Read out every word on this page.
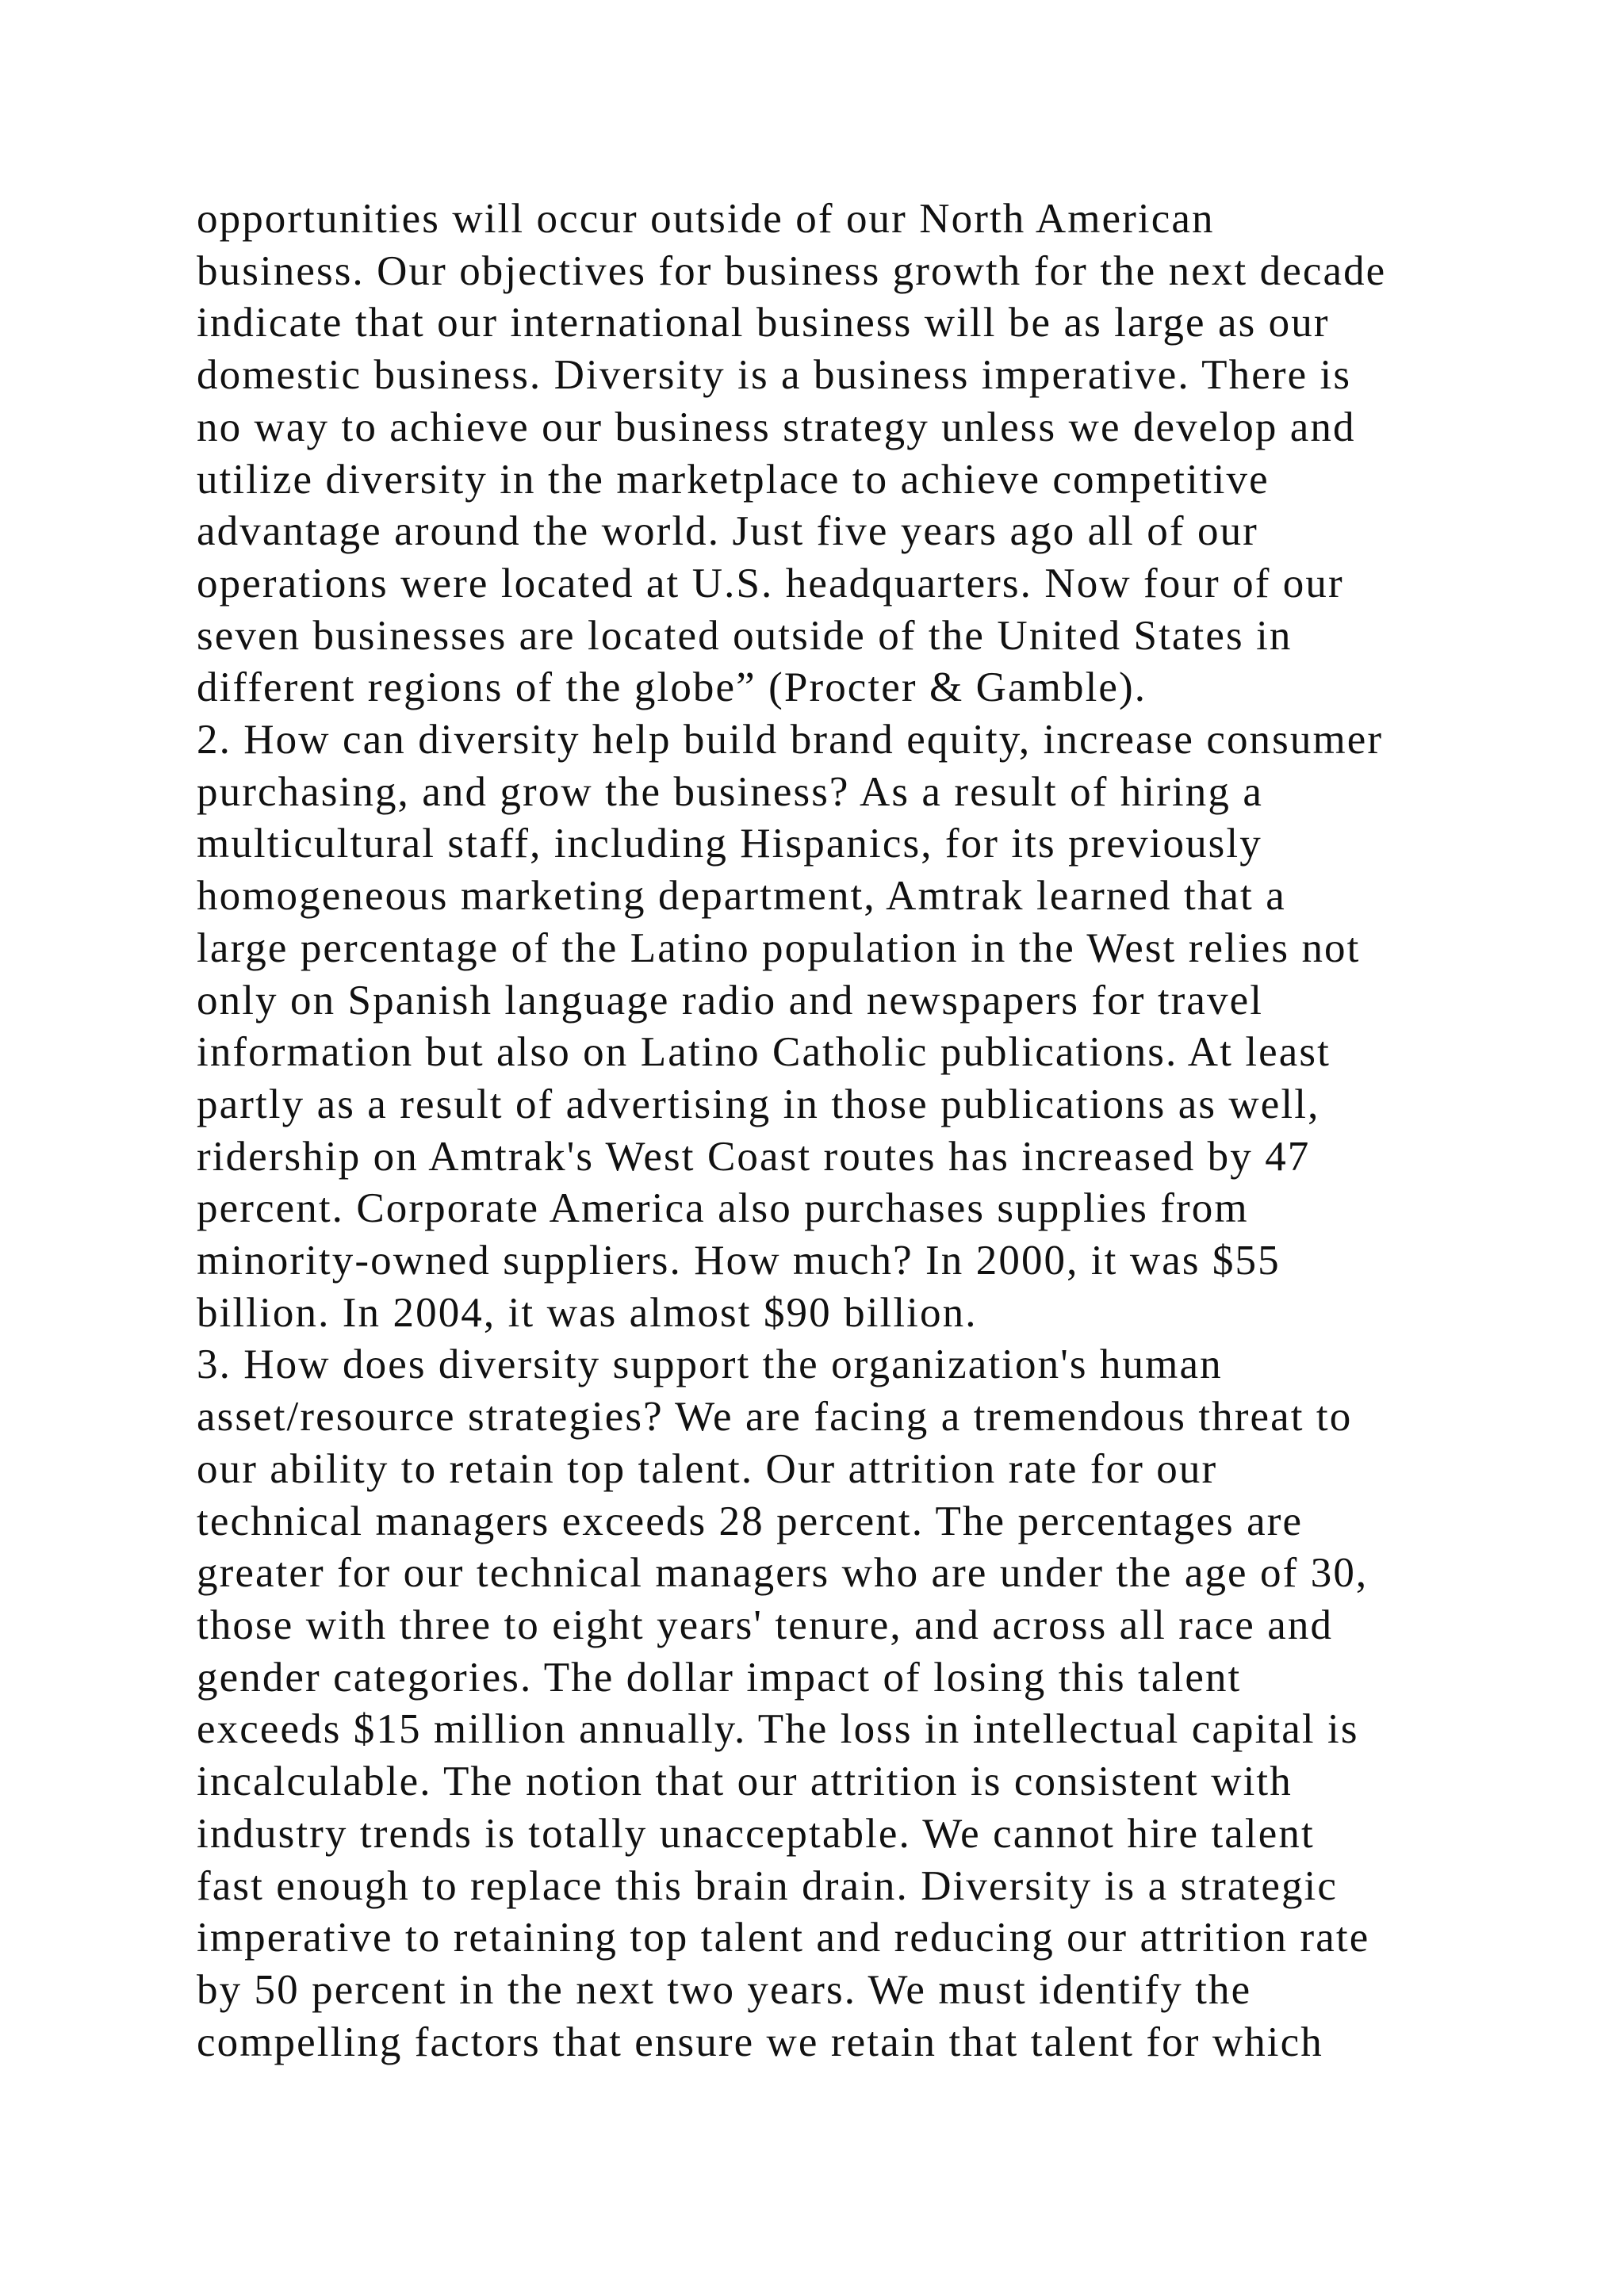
opportunities will occur outside of our North American
business. Our objectives for business growth for the next decade
indicate that our international business will be as large as our
domestic business. Diversity is a business imperative. There is
no way to achieve our business strategy unless we develop and
utilize diversity in the marketplace to achieve competitive
advantage around the world. Just five years ago all of our
operations were located at U.S. headquarters. Now four of our
seven businesses are located outside of the United States in
different regions of the globe” (Procter & Gamble).
2. How can diversity help build brand equity, increase consumer
purchasing, and grow the business? As a result of hiring a
multicultural staff, including Hispanics, for its previously
homogeneous marketing department, Amtrak learned that a
large percentage of the Latino population in the West relies not
only on Spanish language radio and newspapers for travel
information but also on Latino Catholic publications. At least
partly as a result of advertising in those publications as well,
ridership on Amtrak's West Coast routes has increased by 47
percent. Corporate America also purchases supplies from
minority-owned suppliers. How much? In 2000, it was $55
billion. In 2004, it was almost $90 billion.
3. How does diversity support the organization's human
asset/resource strategies? We are facing a tremendous threat to
our ability to retain top talent. Our attrition rate for our
technical managers exceeds 28 percent. The percentages are
greater for our technical managers who are under the age of 30,
those with three to eight years' tenure, and across all race and
gender categories. The dollar impact of losing this talent
exceeds $15 million annually. The loss in intellectual capital is
incalculable. The notion that our attrition is consistent with
industry trends is totally unacceptable. We cannot hire talent
fast enough to replace this brain drain. Diversity is a strategic
imperative to retaining top talent and reducing our attrition rate
by 50 percent in the next two years. We must identify the
compelling factors that ensure we retain that talent for which
